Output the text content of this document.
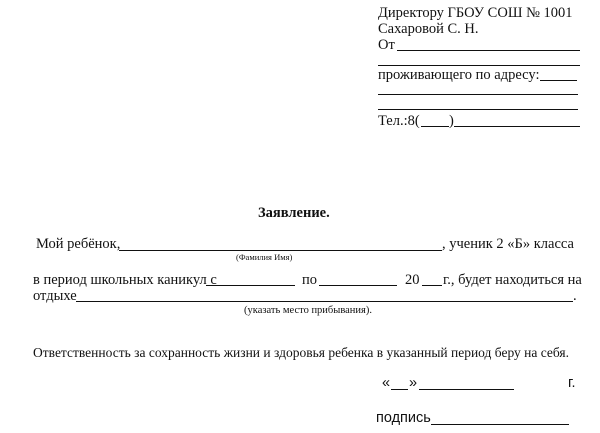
Директору ГБОУ СОШ № 1001
Сахаровой С. Н.
От
проживающего по адресу:
Тел.:8( )
Заявление.
Мой ребёнок,	, ученик 2 «Б» класса
(Фамилия Имя)
в период школьных каникул с	по	20 г., будет находиться на
отдыхе	.
(указать место прибывания).
Ответственность за сохранность жизни и здоровья ребенка в указанный период беру на себя.
« »	г.
подпись
